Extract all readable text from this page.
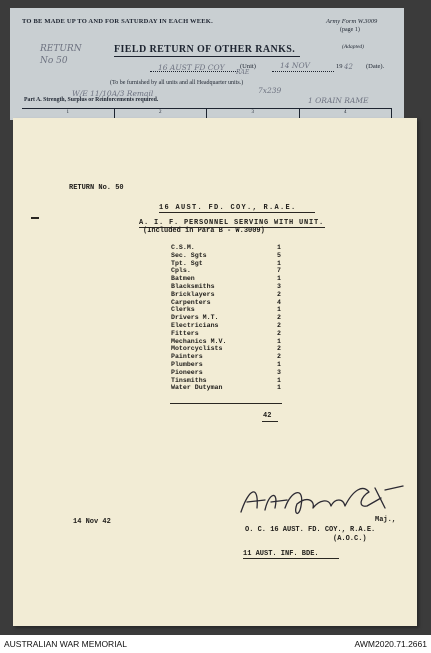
TO BE MADE UP TO AND FOR SATURDAY IN EACH WEEK.	Army Form W.3009
(page 1)
(Adapted)
FIELD RETURN OF OTHER RANKS.
RETURN
No 50
16 AUST FD COY
RAE
(Unit)	14 NOV	19 42 (Date).
(To be furnished by all units and all Headquarter units.)
W/E 11/10A/3 Remail	7x239
1 ORAIN RAME
Part A. Strength, Surplus or Reinforcements required.
1	2	3	4
RETURN No. 50
16 AUST. FD. COY., R.A.E.
A. I. F. PERSONNEL SERVING WITH UNIT.
(Included in Para B - W.3009)
C.S.M.	1
Sec. Sgts	5
Tpt. Sgt	1
Cpls.	7
Batmen	1
Blacksmiths	3
Bricklayers	2
Carpenters	4
Clerks	1
Drivers M.T.	2
Electricians	2
Fitters	2
Mechanics M.V.	1
Motorcyclists	2
Painters	2
Plumbers	1
Pioneers	3
Tinsmiths	1
Water Dutyman	1
42
14 Nov 42	Maj.,
O. C. 16 AUST. FD. COY., R.A.E.
(A.O.C.)
11 AUST. INF. BDE.
AUSTRALIAN WAR MEMORIAL	AWM2020.71.2661
